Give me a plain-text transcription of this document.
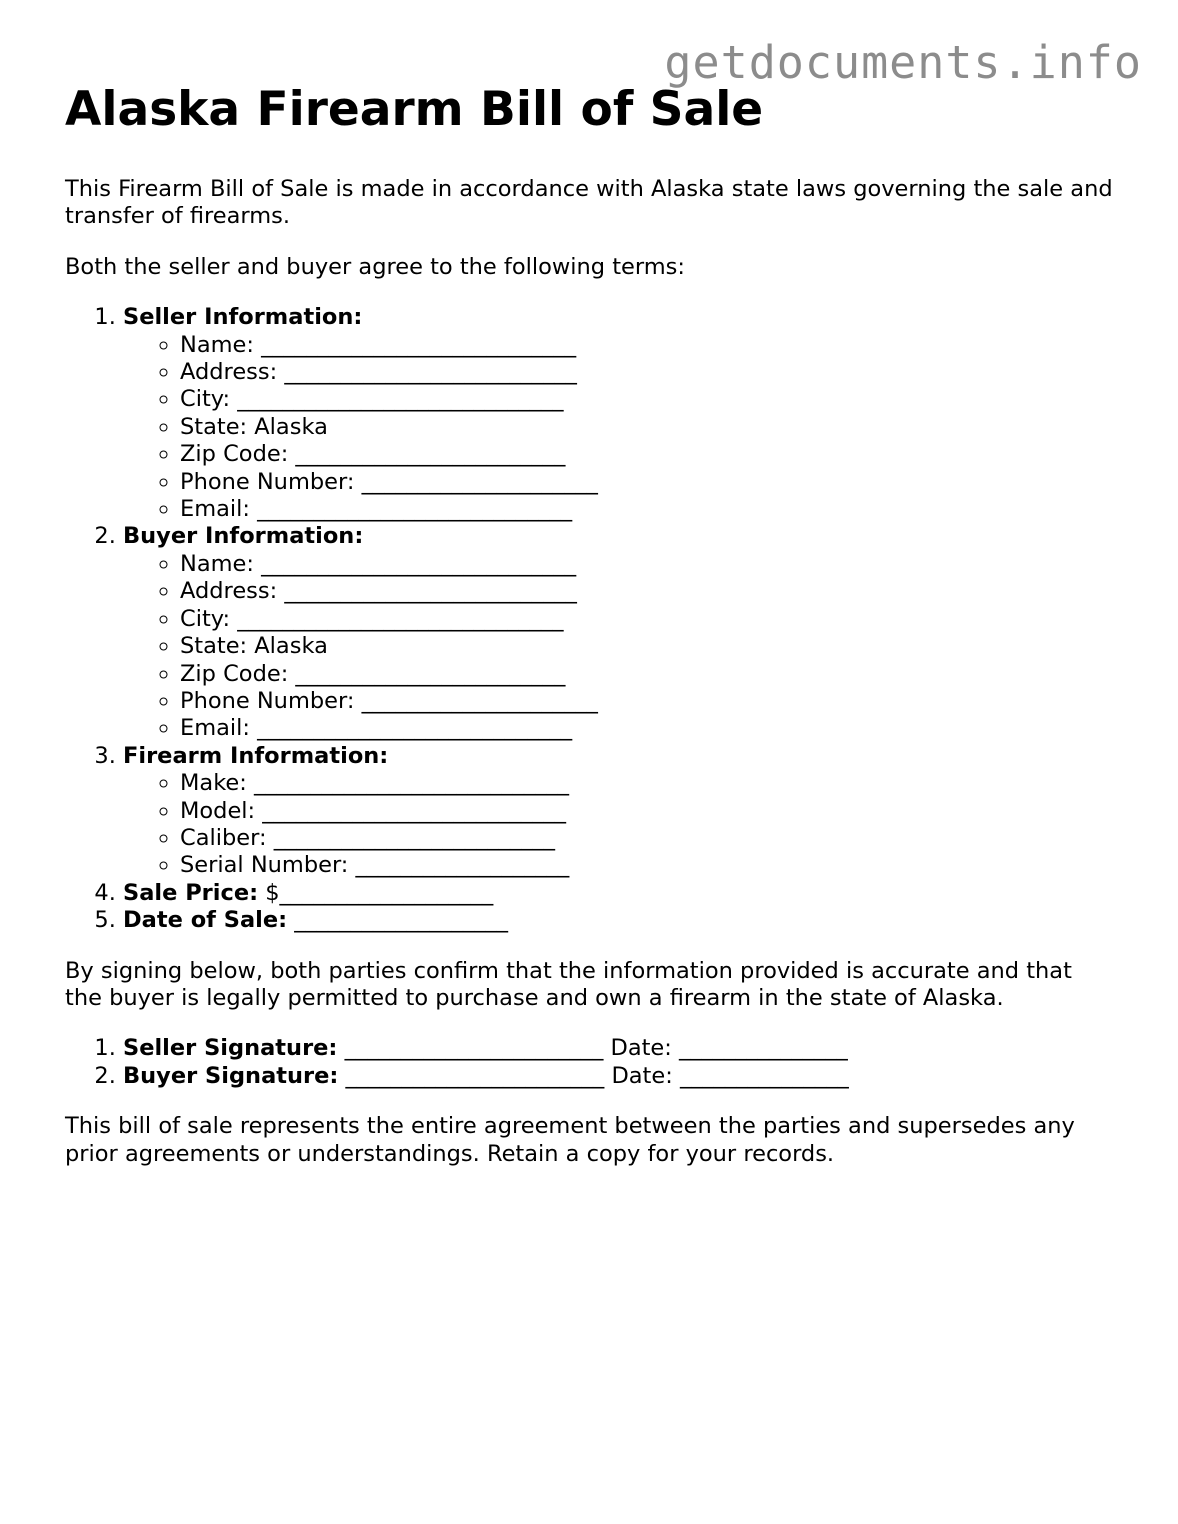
getdocuments.info
Alaska Firearm Bill of Sale

This Firearm Bill of Sale is made in accordance with Alaska state laws governing the sale and transfer of firearms.

Both the seller and buyer agree to the following terms:

1. Seller Information:
◦ Name: ____________________________
◦ Address: __________________________
◦ City: _____________________________
◦ State: Alaska
◦ Zip Code: ________________________
◦ Phone Number: _____________________
◦ Email: ____________________________
2. Buyer Information:
◦ Name: ____________________________
◦ Address: __________________________
◦ City: _____________________________
◦ State: Alaska
◦ Zip Code: ________________________
◦ Phone Number: _____________________
◦ Email: ____________________________
3. Firearm Information:
◦ Make: ____________________________
◦ Model: ___________________________
◦ Caliber: _________________________
◦ Serial Number: ___________________
4. Sale Price: $___________________
5. Date of Sale: ___________________

By signing below, both parties confirm that the information provided is accurate and that the buyer is legally permitted to purchase and own a firearm in the state of Alaska.

1. Seller Signature: _______________________ Date: _______________
2. Buyer Signature: _______________________ Date: _______________

This bill of sale represents the entire agreement between the parties and supersedes any prior agreements or understandings. Retain a copy for your records.
